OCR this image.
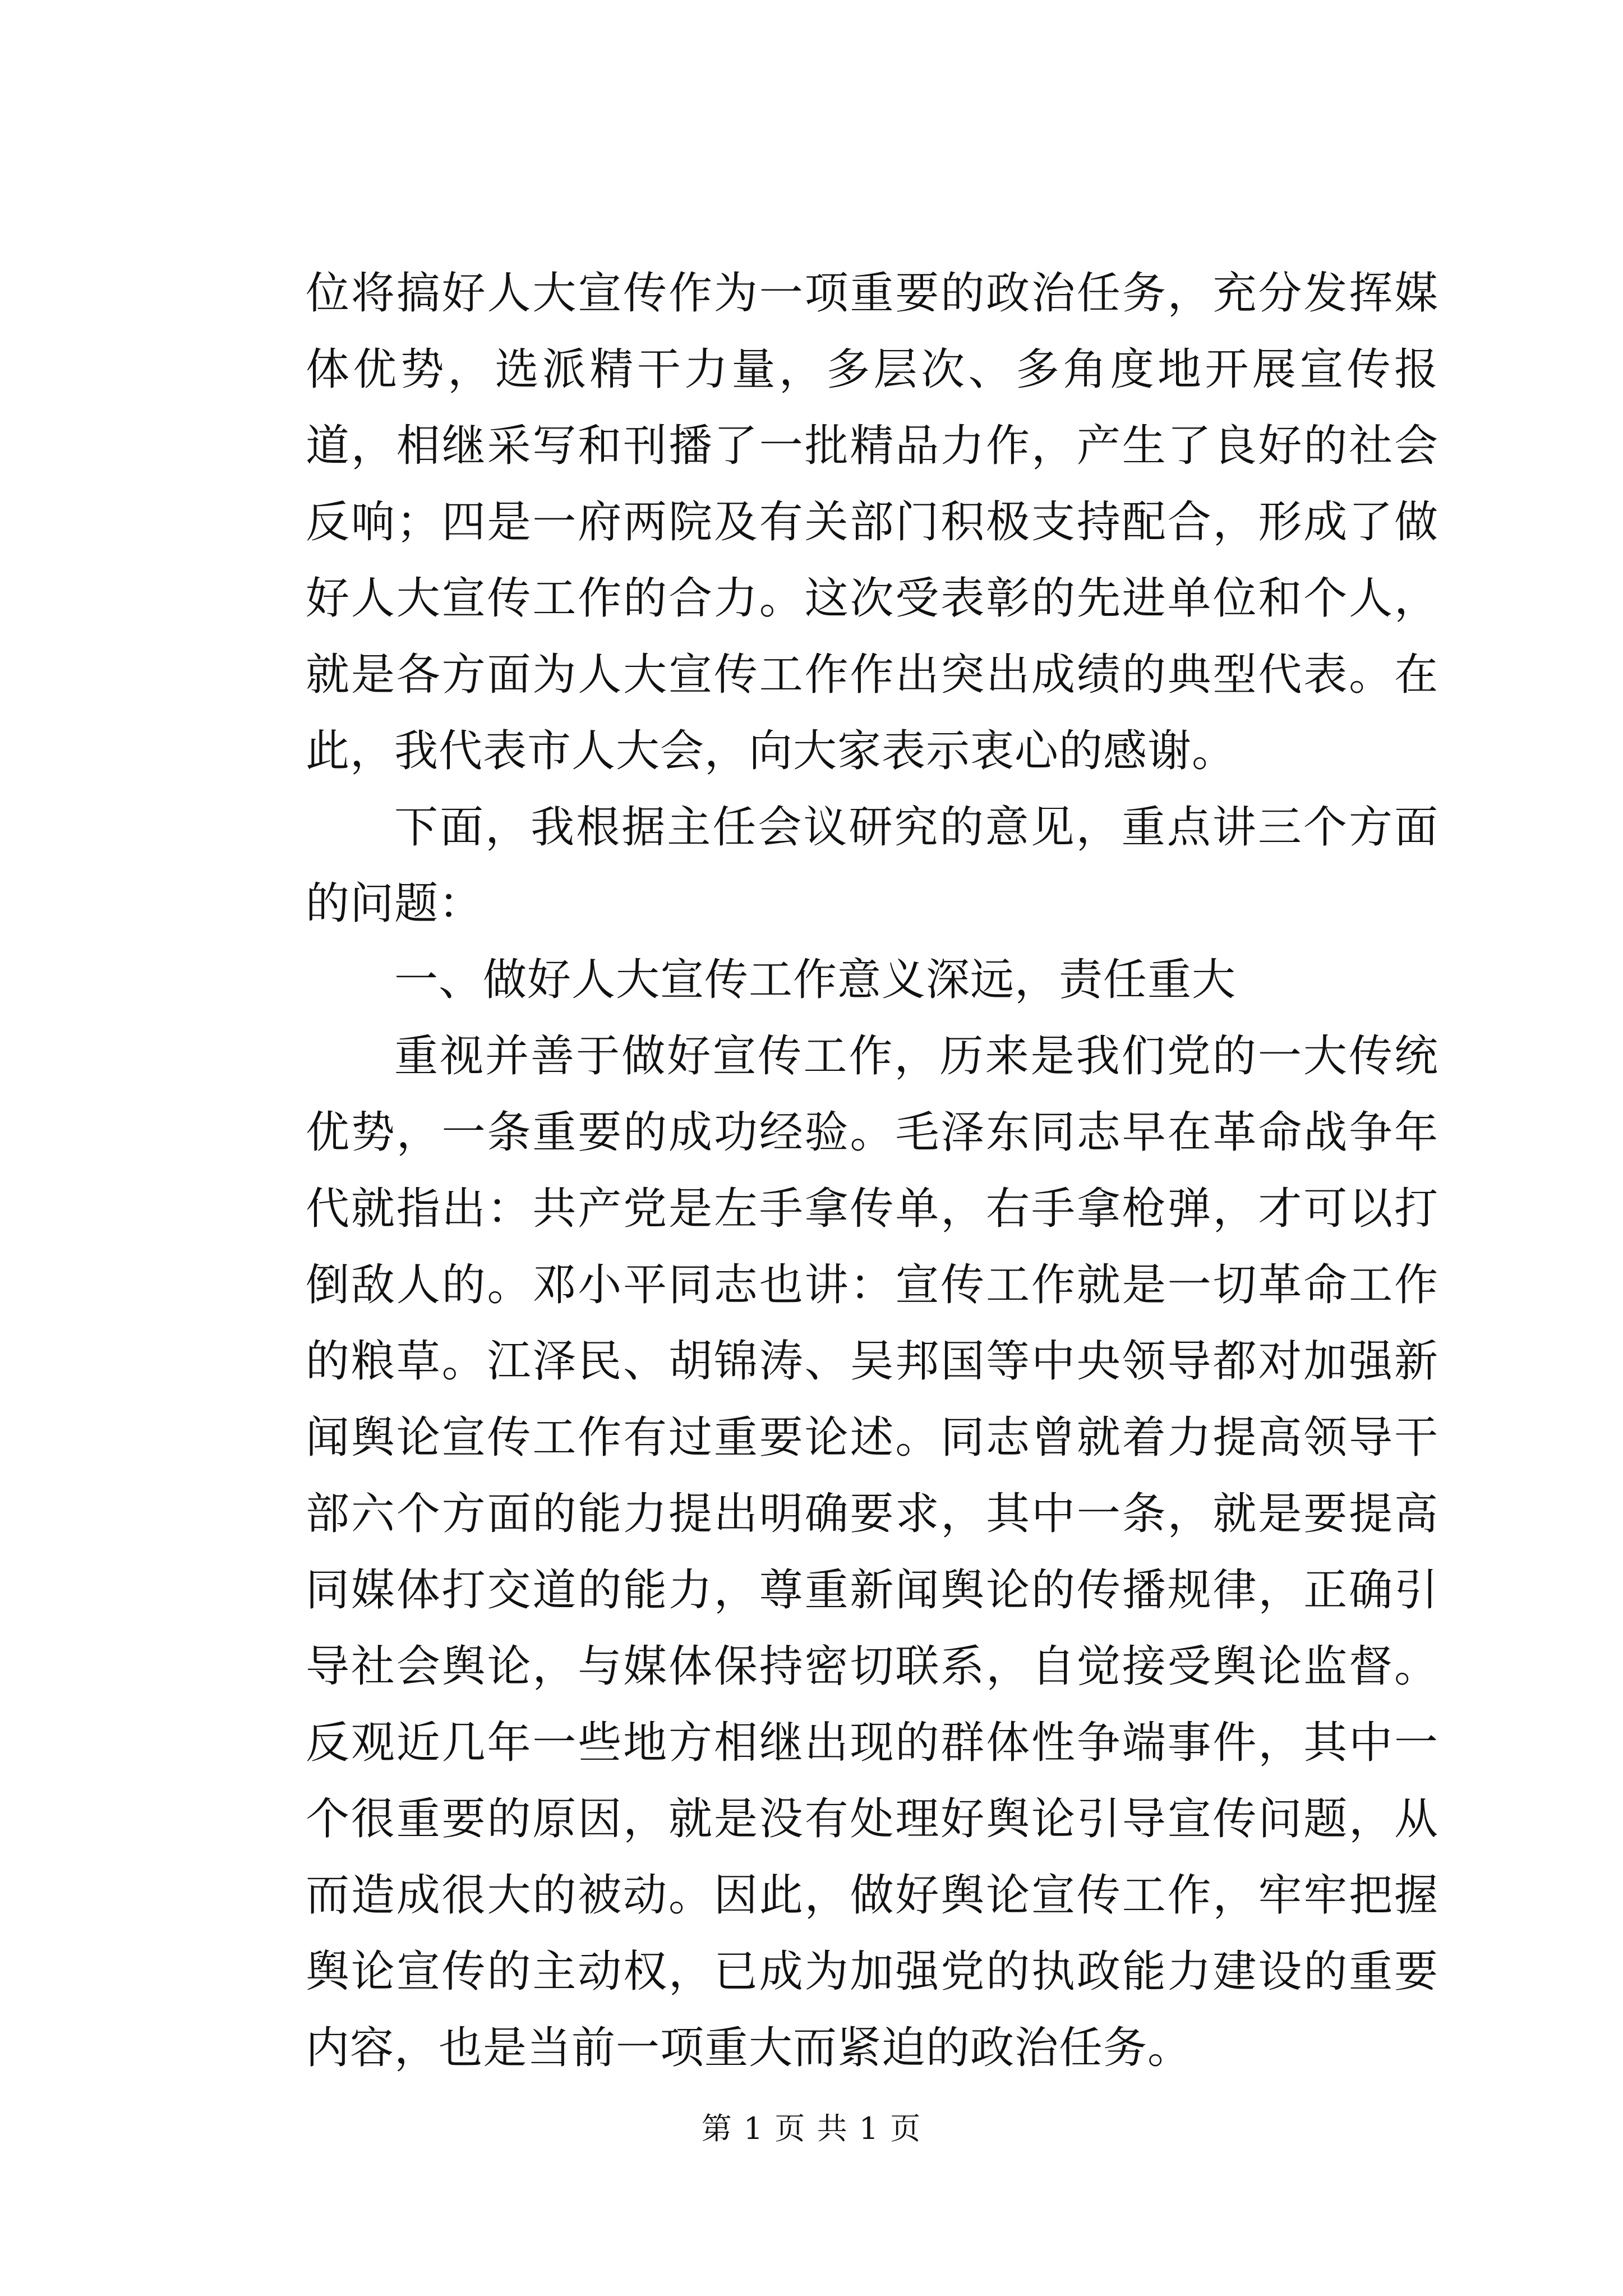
位将搞好人大宣传作为一项重要的政治任务，充分发挥媒体优势，选派精干力量，多层次、多角度地开展宣传报道，相继采写和刊播了一批精品力作，产生了良好的社会反响；四是一府两院及有关部门积极支持配合，形成了做好人大宣传工作的合力。这次受表彰的先进单位和个人，就是各方面为人大宣传工作作出突出成绩的典型代表。在此，我代表市人大会，向大家表示衷心的感谢。

下面，我根据主任会议研究的意见，重点讲三个方面的问题：

一、做好人大宣传工作意义深远，责任重大

重视并善于做好宣传工作，历来是我们党的一大传统优势，一条重要的成功经验。毛泽东同志早在革命战争年代就指出：共产党是左手拿传单，右手拿枪弹，才可以打倒敌人的。邓小平同志也讲：宣传工作就是一切革命工作的粮草。江泽民、胡锦涛、吴邦国等中央领导都对加强新闻舆论宣传工作有过重要论述。同志曾就着力提高领导干部六个方面的能力提出明确要求，其中一条，就是要提高同媒体打交道的能力，尊重新闻舆论的传播规律，正确引导社会舆论，与媒体保持密切联系，自觉接受舆论监督。反观近几年一些地方相继出现的群体性争端事件，其中一个很重要的原因，就是没有处理好舆论引导宣传问题，从而造成很大的被动。因此，做好舆论宣传工作，牢牢把握舆论宣传的主动权，已成为加强党的执政能力建设的重要内容，也是当前一项重大而紧迫的政治任务。

第 1 页 共 1 页
